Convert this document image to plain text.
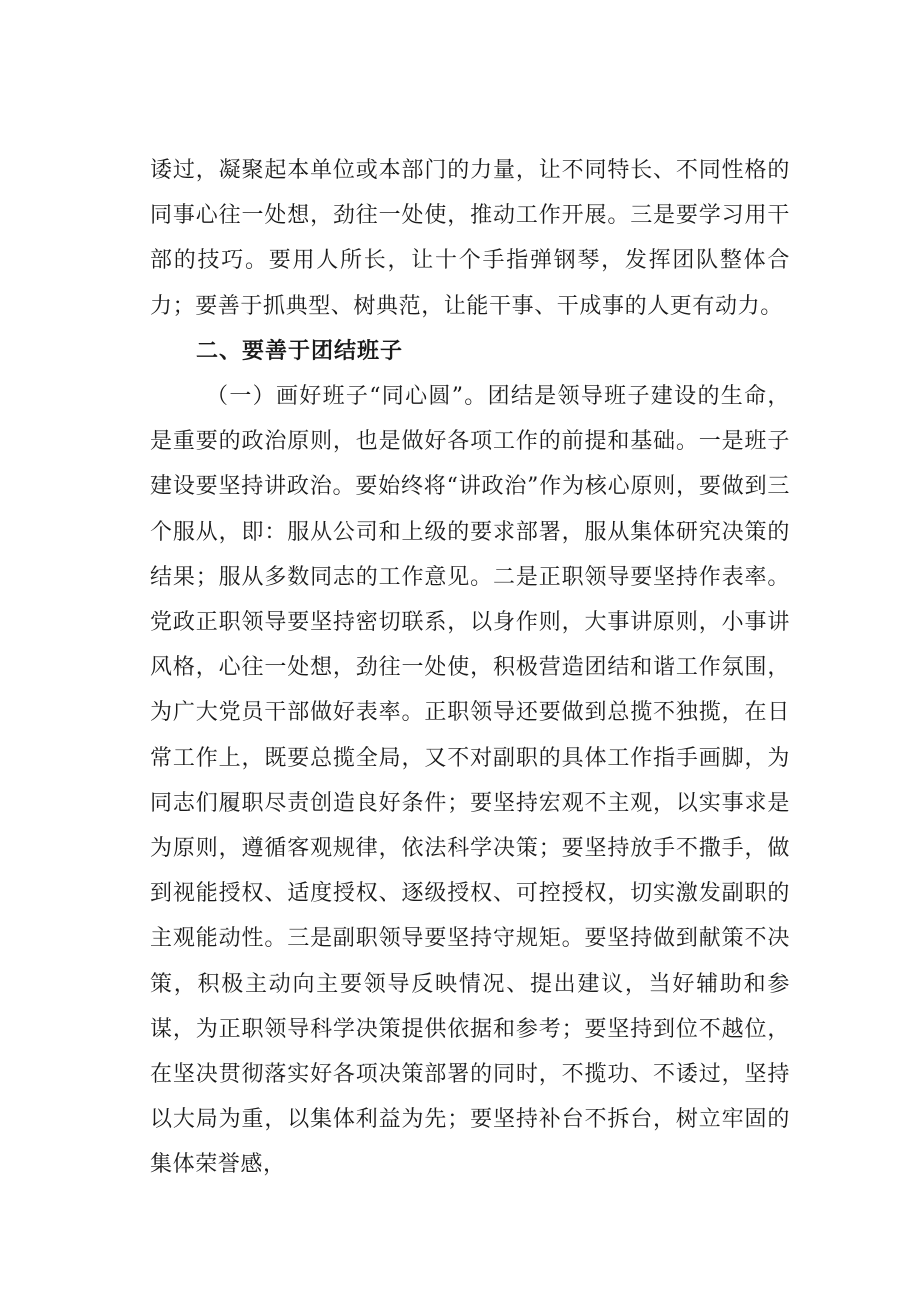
诿过，凝聚起本单位或本部门的力量，让不同特长、不同性格的同事心往一处想，劲往一处使，推动工作开展。三是要学习用干部的技巧。要用人所长，让十个手指弹钢琴，发挥团队整体合力；要善于抓典型、树典范，让能干事、干成事的人更有动力。

二、要善于团结班子

（一）画好班子“同心圆”。团结是领导班子建设的生命，是重要的政治原则，也是做好各项工作的前提和基础。一是班子建设要坚持讲政治。要始终将“讲政治”作为核心原则，要做到三个服从，即：服从公司和上级的要求部署，服从集体研究决策的结果；服从多数同志的工作意见。二是正职领导要坚持作表率。党政正职领导要坚持密切联系，以身作则，大事讲原则，小事讲风格，心往一处想，劲往一处使，积极营造团结和谐工作氛围，为广大党员干部做好表率。正职领导还要做到总揽不独揽，在日常工作上，既要总揽全局，又不对副职的具体工作指手画脚，为同志们履职尽责创造良好条件；要坚持宏观不主观，以实事求是为原则，遵循客观规律，依法科学决策；要坚持放手不撒手，做到视能授权、适度授权、逐级授权、可控授权，切实激发副职的主观能动性。三是副职领导要坚持守规矩。要坚持做到献策不决策，积极主动向主要领导反映情况、提出建议，当好辅助和参谋，为正职领导科学决策提供依据和参考；要坚持到位不越位，在坚决贯彻落实好各项决策部署的同时，不揽功、不诿过，坚持以大局为重，以集体利益为先；要坚持补台不拆台，树立牢固的集体荣誉感，
